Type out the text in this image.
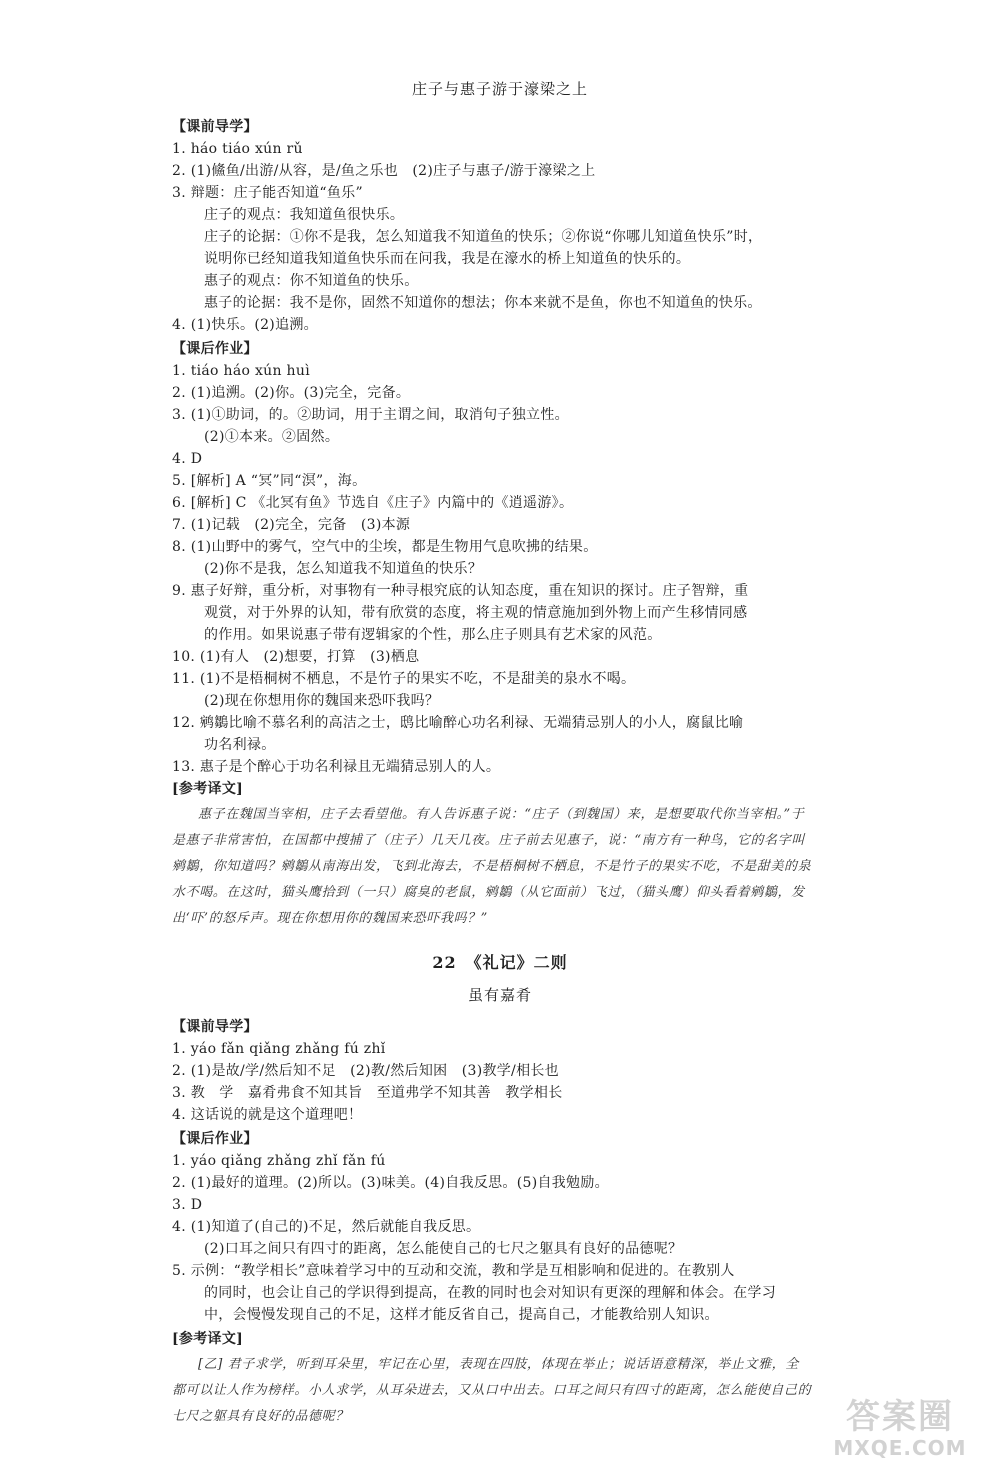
庄子与惠子游于濠梁之上
【课前导学】
1. háo tiáo xún rǔ
2. (1)鯈鱼/出游/从容，是/鱼之乐也　(2)庄子与惠子/游于濠梁之上
3. 辩题：庄子能否知道“鱼乐”
庄子的观点：我知道鱼很快乐。
庄子的论据：①你不是我，怎么知道我不知道鱼的快乐；②你说“你哪儿知道鱼快乐”时，
说明你已经知道我知道鱼快乐而在问我，我是在濠水的桥上知道鱼的快乐的。
惠子的观点：你不知道鱼的快乐。
惠子的论据：我不是你，固然不知道你的想法；你本来就不是鱼，你也不知道鱼的快乐。
4. (1)快乐。(2)追溯。
【课后作业】
1. tiáo háo xún huì
2. (1)追溯。(2)你。(3)完全，完备。
3. (1)①助词，的。②助词，用于主谓之间，取消句子独立性。
(2)①本来。②固然。
4. D
5. [解析] A “冥”同“溟”，海。
6. [解析] C 《北冥有鱼》节选自《庄子》内篇中的《逍遥游》。
7. (1)记载　(2)完全，完备　(3)本源
8. (1)山野中的雾气，空气中的尘埃，都是生物用气息吹拂的结果。
(2)你不是我，怎么知道我不知道鱼的快乐？
9. 惠子好辩，重分析，对事物有一种寻根究底的认知态度，重在知识的探讨。庄子智辩，重
观赏，对于外界的认知，带有欣赏的态度，将主观的情意施加到外物上而产生移情同感
的作用。如果说惠子带有逻辑家的个性，那么庄子则具有艺术家的风范。
10. (1)有人　(2)想要，打算　(3)栖息
11. (1)不是梧桐树不栖息，不是竹子的果实不吃，不是甜美的泉水不喝。
(2)现在你想用你的魏国来恐吓我吗？
12. 鹓鶵比喻不慕名利的高洁之士，鸱比喻醉心功名利禄、无端猜忌别人的小人，腐鼠比喻
功名利禄。
13. 惠子是个醉心于功名利禄且无端猜忌别人的人。
[参考译文]
惠子在魏国当宰相，庄子去看望他。有人告诉惠子说：“庄子（到魏国）来，是想要取代你当宰相。”于是惠子非常害怕，在国都中搜捕了（庄子）几天几夜。庄子前去见惠子，说：“南方有一种鸟，它的名字叫鹓鶵，你知道吗？鹓鶵从南海出发，飞到北海去，不是梧桐树不栖息，不是竹子的果实不吃，不是甜美的泉水不喝。在这时，猫头鹰拾到（一只）腐臭的老鼠，鹓鶵（从它面前）飞过，（猫头鹰）仰头看着鹓鶵，发出‘吓’的怒斥声。现在你想用你的魏国来恐吓我吗？”
22　《礼记》二则
虽有嘉肴
【课前导学】
1. yáo fǎn qiǎng zhǎng fú zhǐ
2. (1)是故/学/然后知不足　(2)教/然后知困　(3)教学/相长也
3. 教　学　嘉肴弗食不知其旨　至道弗学不知其善　教学相长
4. 这话说的就是这个道理吧！
【课后作业】
1. yáo qiǎng zhǎng zhǐ fǎn fú
2. (1)最好的道理。(2)所以。(3)味美。(4)自我反思。(5)自我勉励。
3. D
4. (1)知道了(自己的)不足，然后就能自我反思。
(2)口耳之间只有四寸的距离，怎么能使自己的七尺之躯具有良好的品德呢？
5. 示例：“教学相长”意味着学习中的互动和交流，教和学是互相影响和促进的。在教别人
的同时，也会让自己的学识得到提高，在教的同时也会对知识有更深的理解和体会。在学习
中，会慢慢发现自己的不足，这样才能反省自己，提高自己，才能教给别人知识。
[参考译文]
[乙] 君子求学，听到耳朵里，牢记在心里，表现在四肢，体现在举止；说话语意精深，举止文雅，全都可以让人作为榜样。小人求学，从耳朵进去，又从口中出去。口耳之间只有四寸的距离，怎么能使自己的七尺之躯具有良好的品德呢？	答案圈
MXQE.COM
